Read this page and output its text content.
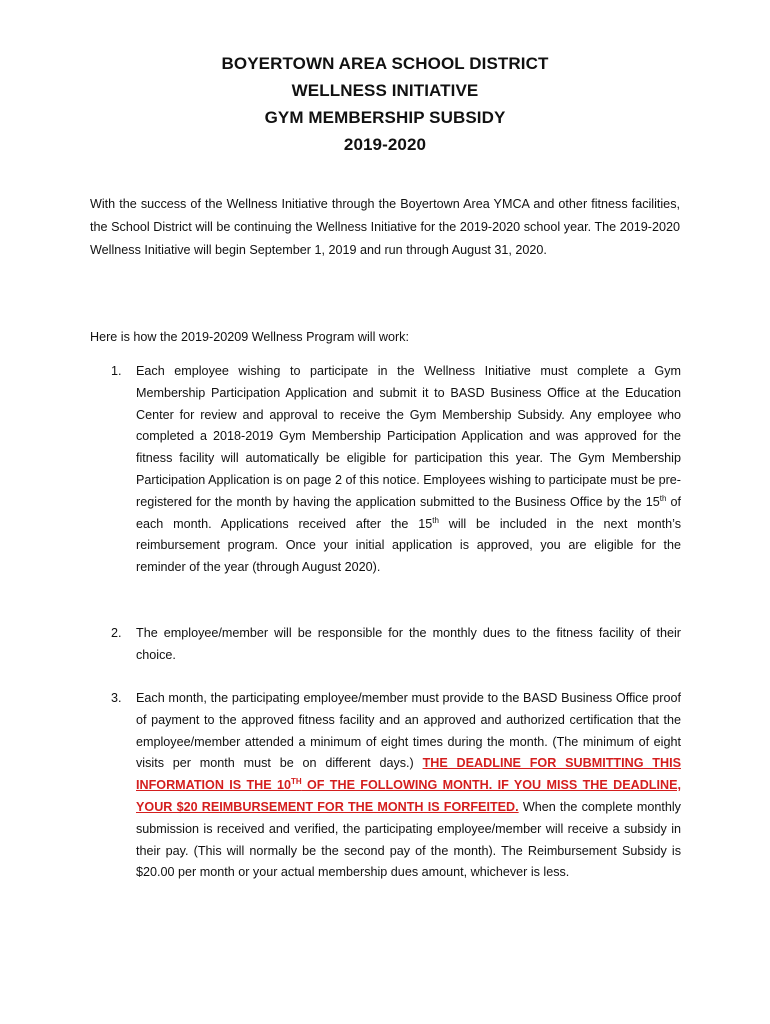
BOYERTOWN AREA SCHOOL DISTRICT
WELLNESS INITIATIVE
GYM MEMBERSHIP SUBSIDY
2019-2020

With the success of the Wellness Initiative through the Boyertown Area YMCA and other fitness facilities, the School District will be continuing the Wellness Initiative for the 2019-2020 school year. The 2019-2020 Wellness Initiative will begin September 1, 2019 and run through August 31, 2020.

Here is how the 2019-20209 Wellness Program will work:

1.	Each employee wishing to participate in the Wellness Initiative must complete a Gym Membership Participation Application and submit it to BASD Business Office at the Education Center for review and approval to receive the Gym Membership Subsidy. Any employee who completed a 2018-2019 Gym Membership Participation Application and was approved for the fitness facility will automatically be eligible for participation this year. The Gym Membership Participation Application is on page 2 of this notice. Employees wishing to participate must be pre-registered for the month by having the application submitted to the Business Office by the 15th of each month. Applications received after the 15th will be included in the next month’s reimbursement program. Once your initial application is approved, you are eligible for the reminder of the year (through August 2020).
2.	The employee/member will be responsible for the monthly dues to the fitness facility of their choice.
3.	Each month, the participating employee/member must provide to the BASD Business Office proof of payment to the approved fitness facility and an approved and authorized certification that the employee/member attended a minimum of eight times during the month. (The minimum of eight visits per month must be on different days.) THE DEADLINE FOR SUBMITTING THIS INFORMATION IS THE 10TH OF THE FOLLOWING MONTH. IF YOU MISS THE DEADLINE, YOUR $20 REIMBURSEMENT FOR THE MONTH IS FORFEITED. When the complete monthly submission is received and verified, the participating employee/member will receive a subsidy in their pay. (This will normally be the second pay of the month). The Reimbursement Subsidy is $20.00 per month or your actual membership dues amount, whichever is less.
